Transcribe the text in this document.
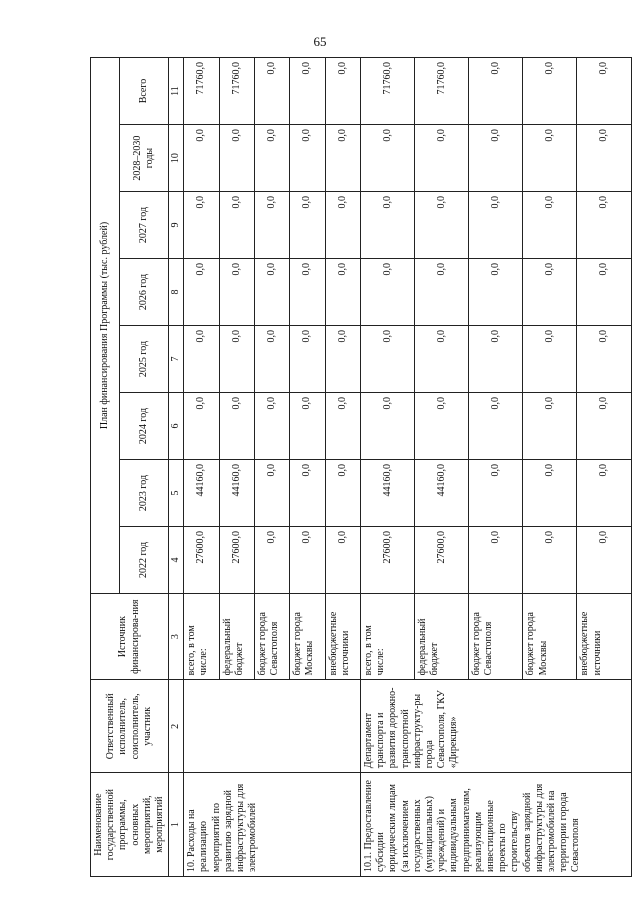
65
Наименование государственной программы, основных мероприятий, мероприятий	Ответственный исполнитель, соисполнитель, участник	Источник финансирова-ния	План финансирования Программы (тыс. рублей)							
			2022 год	2023 год	2024 год	2025 год	2026 год	2027 год	2028–2030 годы	Всего
1	2	3	4	5	6	7	8	9	10	11
10. Расходы на реализацию мероприятий по развитию зарядной инфраструктуры для электромобилей		всего, в том числе:	27600,0	44160,0	0,0	0,0	0,0	0,0	0,0	71760,0
		федеральный бюджет	27600,0	44160,0	0,0	0,0	0,0	0,0	0,0	71760,0
		бюджет города Севастополя	0,0	0,0	0,0	0,0	0,0	0,0	0,0	0,0
		бюджет города Москвы	0,0	0,0	0,0	0,0	0,0	0,0	0,0	0,0
		внебюджетные источники	0,0	0,0	0,0	0,0	0,0	0,0	0,0	0,0
10.1. Предоставление субсидии юридическим лицам (за исключением государственных (муниципальных) учреждений) и индивидуальным предпринимателям, реализующим инвестиционные проекты по строительству объектов зарядной инфраструктуры для электромобилей на территории города Севастополя	Департамент транспорта и развития дорожно-транспортной инфраструкту-ры города Севастополя, ГКУ «Дирекция»	всего, в том числе:	27600,0	44160,0	0,0	0,0	0,0	0,0	0,0	71760,0
		федеральный бюджет	27600,0	44160,0	0,0	0,0	0,0	0,0	0,0	71760,0
		бюджет города Севастополя	0,0	0,0	0,0	0,0	0,0	0,0	0,0	0,0
		бюджет города Москвы	0,0	0,0	0,0	0,0	0,0	0,0	0,0	0,0
		внебюджетные источники	0,0	0,0	0,0	0,0	0,0	0,0	0,0	0,0
